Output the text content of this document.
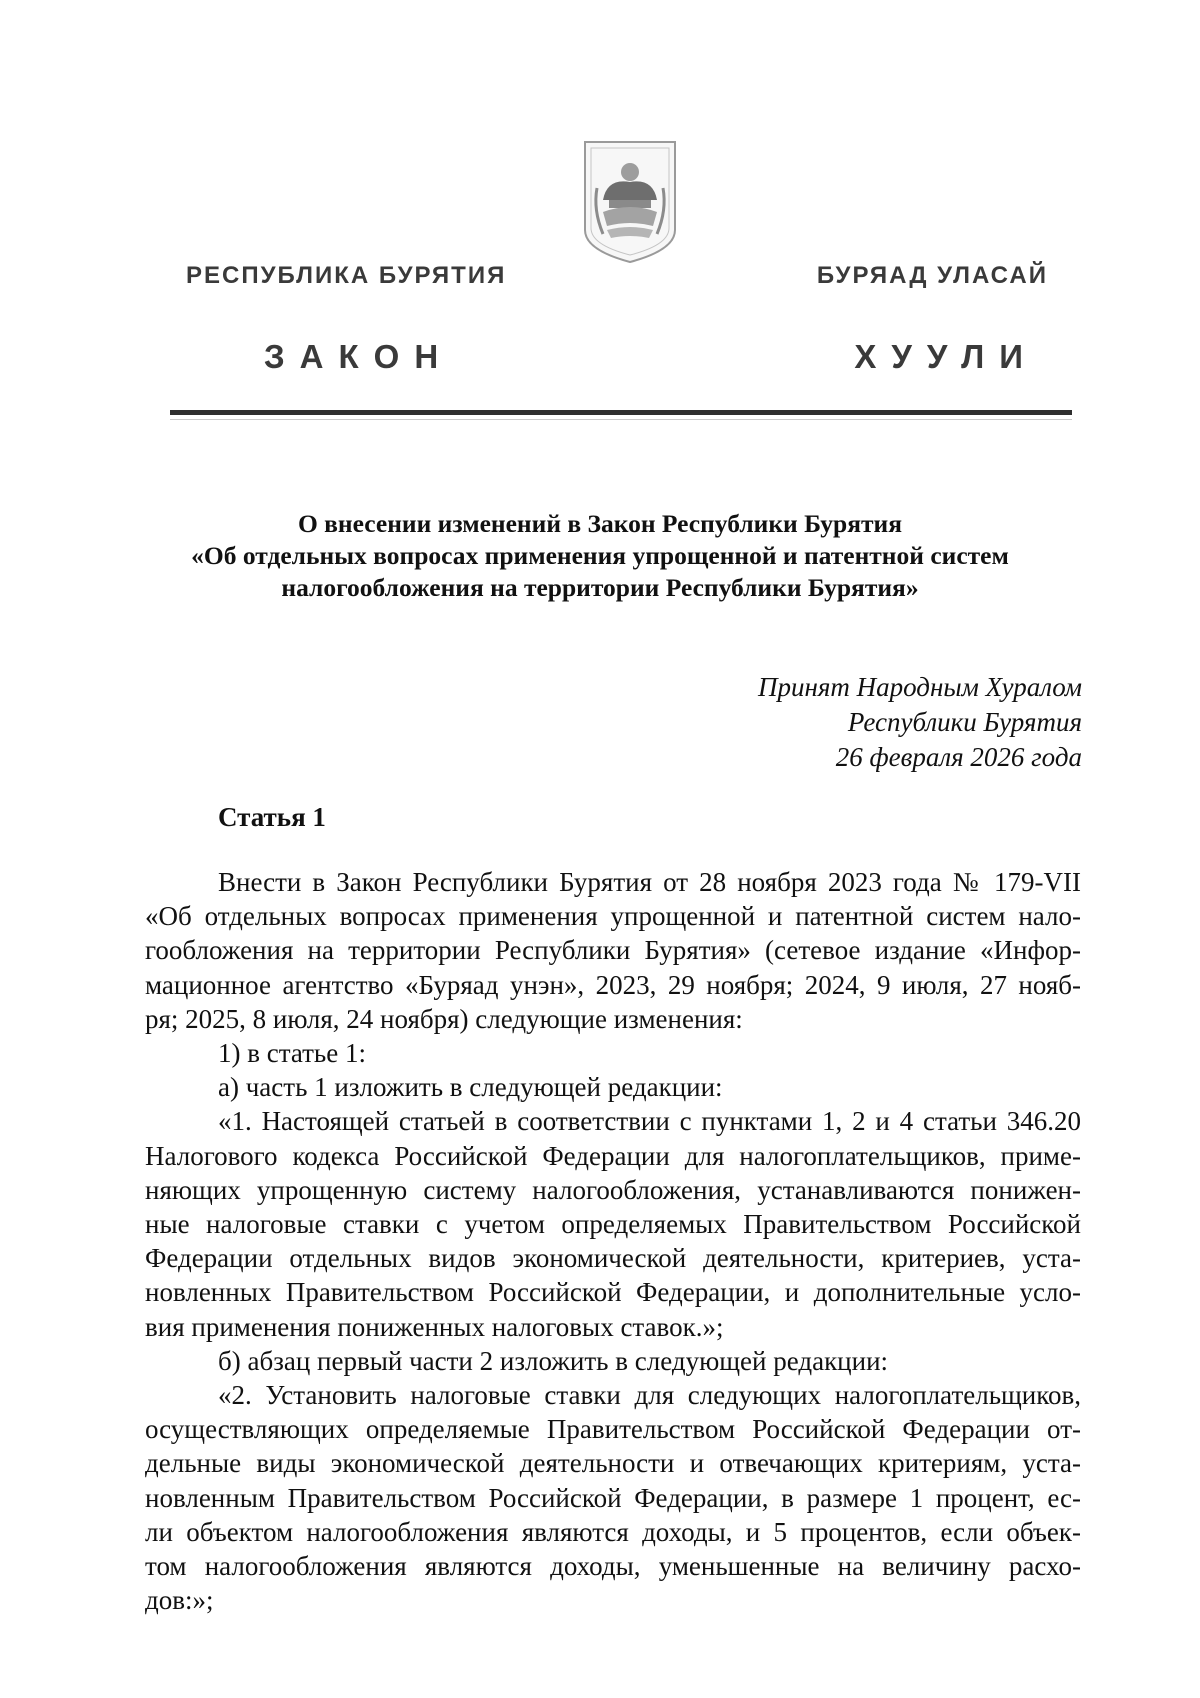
РЕСПУБЛИКА БУРЯТИЯ	БУРЯАД УЛАСАЙ
ЗАКОН	ХУУЛИ
О внесении изменений в Закон Республики Бурятия
«Об отдельных вопросах применения упрощенной и патентной систем
налогообложения на территории Республики Бурятия»
Принят Народным Хуралом
Республики Бурятия
26 февраля 2026 года
Статья 1
Внести в Закон Республики Бурятия от 28 ноября 2023 года № 179-VII
«Об отдельных вопросах применения упрощенной и патентной систем нало-
гообложения на территории Республики Бурятия» (сетевое издание «Инфор-
мационное агентство «Буряад унэн», 2023, 29 ноября; 2024, 9 июля, 27 нояб-
ря; 2025, 8 июля, 24 ноября) следующие изменения:
1) в статье 1:
а) часть 1 изложить в следующей редакции:
«1. Настоящей статьей в соответствии с пунктами 1, 2 и 4 статьи 346.20
Налогового кодекса Российской Федерации для налогоплательщиков, приме-
няющих упрощенную систему налогообложения, устанавливаются понижен-
ные налоговые ставки с учетом определяемых Правительством Российской
Федерации отдельных видов экономической деятельности, критериев, уста-
новленных Правительством Российской Федерации, и дополнительные усло-
вия применения пониженных налоговых ставок.»;
б) абзац первый части 2 изложить в следующей редакции:
«2. Установить налоговые ставки для следующих налогоплательщиков,
осуществляющих определяемые Правительством Российской Федерации от-
дельные виды экономической деятельности и отвечающих критериям, уста-
новленным Правительством Российской Федерации, в размере 1 процент, ес-
ли объектом налогообложения являются доходы, и 5 процентов, если объек-
том налогообложения являются доходы, уменьшенные на величину расхо-
дов:»;
